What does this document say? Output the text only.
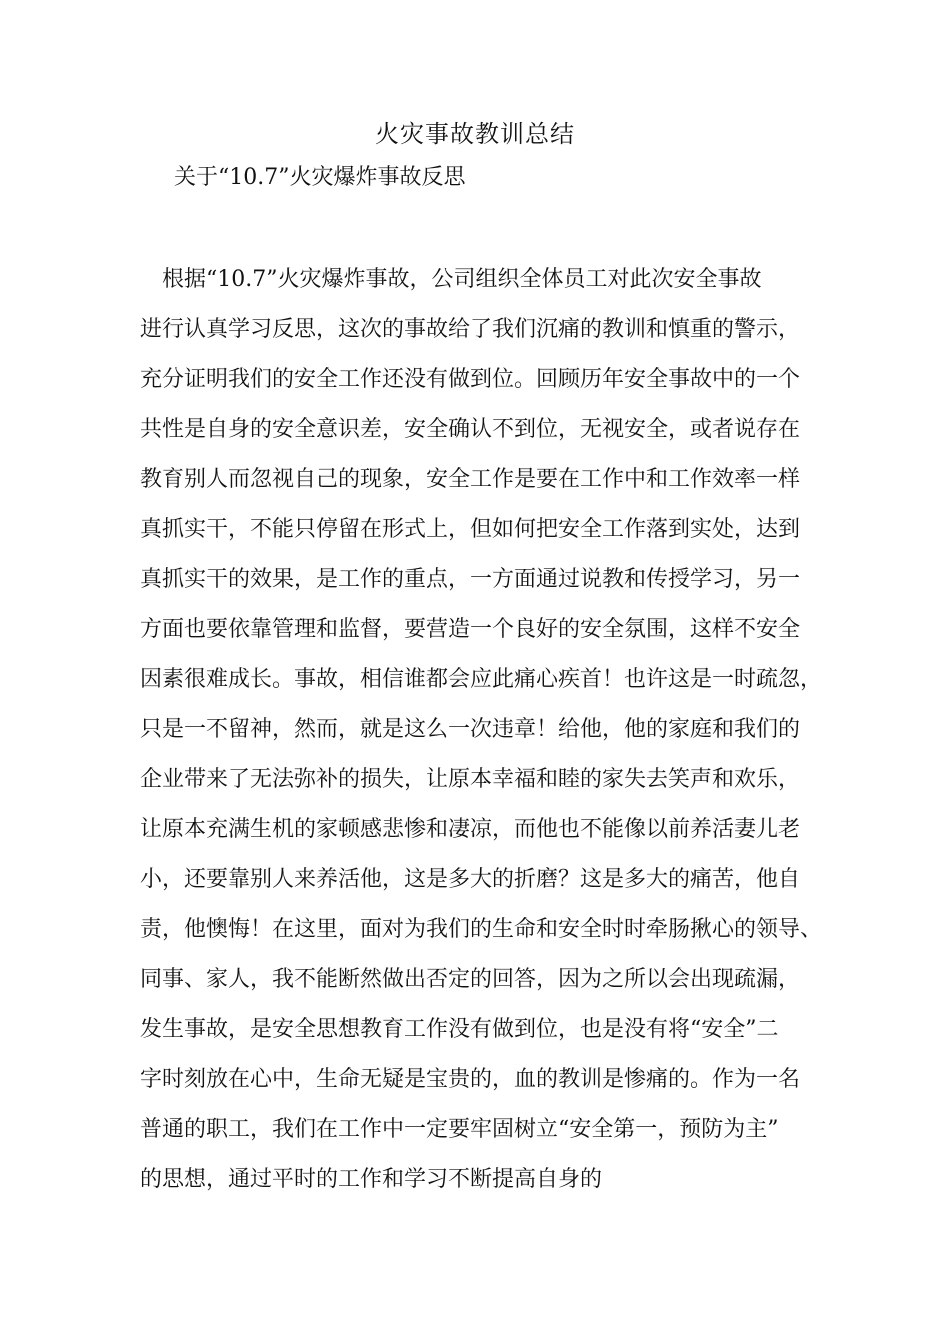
火灾事故教训总结
关于“10.7”火灾爆炸事故反思
　根据“10.7”火灾爆炸事故，公司组织全体员工对此次安全事故
进行认真学习反思，这次的事故给了我们沉痛的教训和慎重的警示，
充分证明我们的安全工作还没有做到位。回顾历年安全事故中的一个
共性是自身的安全意识差，安全确认不到位，无视安全，或者说存在
教育别人而忽视自己的现象，安全工作是要在工作中和工作效率一样
真抓实干，不能只停留在形式上，但如何把安全工作落到实处，达到
真抓实干的效果，是工作的重点，一方面通过说教和传授学习，另一
方面也要依靠管理和监督，要营造一个良好的安全氛围，这样不安全
因素很难成长。事故，相信谁都会应此痛心疾首！也许这是一时疏忽，
只是一不留神，然而，就是这么一次违章！给他，他的家庭和我们的
企业带来了无法弥补的损失，让原本幸福和睦的家失去笑声和欢乐，
让原本充满生机的家顿感悲惨和凄凉，而他也不能像以前养活妻儿老
小，还要靠别人来养活他，这是多大的折磨？这是多大的痛苦，他自
责，他懊悔！在这里，面对为我们的生命和安全时时牵肠揪心的领导、
同事、家人，我不能断然做出否定的回答，因为之所以会出现疏漏，
发生事故，是安全思想教育工作没有做到位，也是没有将“安全”二
字时刻放在心中，生命无疑是宝贵的，血的教训是惨痛的。作为一名
普通的职工，我们在工作中一定要牢固树立“安全第一，预防为主”
的思想，通过平时的工作和学习不断提高自身的
